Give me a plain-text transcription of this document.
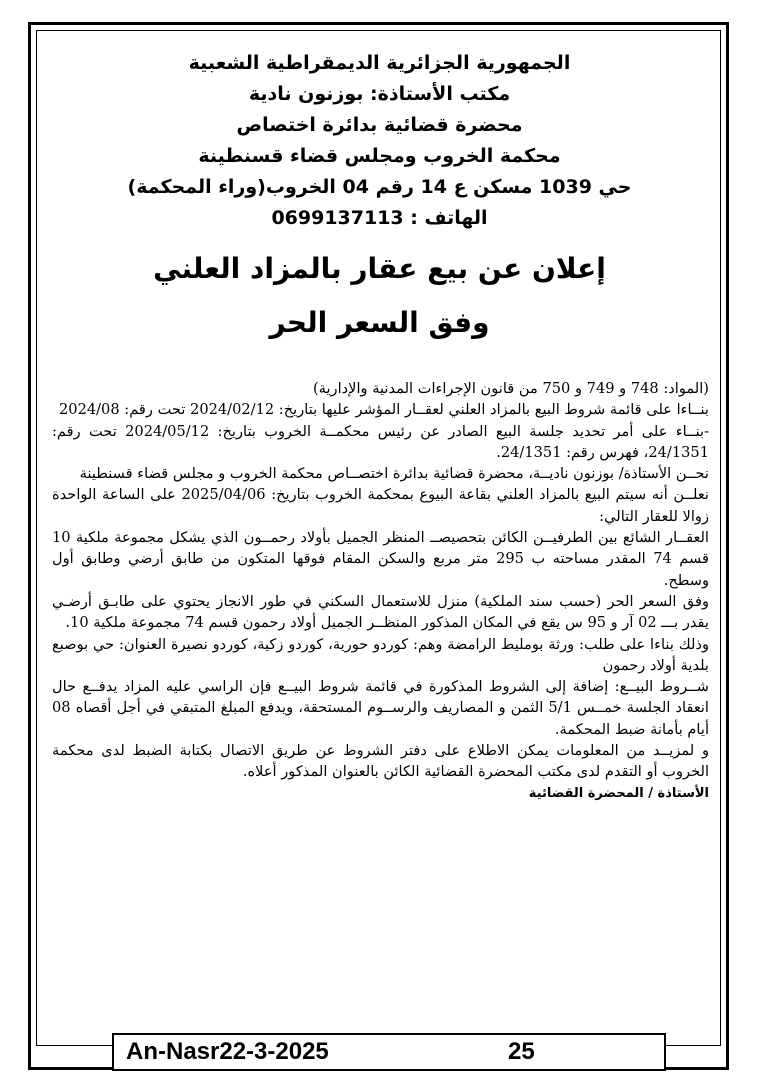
الجمهورية الجزائرية الديمقراطية الشعبية
مكتب الأستاذة: بوزنون نادية
محضرة قضائية بدائرة اختصاص
محكمة الخروب ومجلس قضاء قسنطينة
حي 1039 مسكن ع 14 رقم 04 الخروب(وراء المحكمة)
الهاتف : 0699137113
إعلان عن بيع عقار بالمزاد العلني
وفق السعر الحر

(المواد: 748 و 749 و 750 من قانون الإجراءات المدنية والإدارية)

بنــاءا على قائمة شروط البيع بالمزاد العلني لعقــار المؤشر عليها بتاريخ: 2024/02/12 تحت رقم: 2024/08

-بنــاء على أمر تحديد جلسة البيع الصادر عن رئيس محكمــة الخروب بتاريخ: 2024/05/12 تحت رقم: 24/1351، فهرس رقم: 24/1351.

نحــن الأستاذة/ بوزنون ناديــة، محضرة قضائية بدائرة اختصــاص محكمة الخروب و مجلس قضاء قسنطينة

نعلــن أنه سيتم البيع بالمزاد العلني بقاعة البيوع بمحكمة الخروب بتاريخ: 2025/04/06 على الساعة الواحدة زوالا للعقار التالي:

العقــار الشائع بين الطرفيــن الكائن بتحصيصــ المنظر الجميل بأولاد رحمــون الذي يشكل مجموعة ملكية 10 قسم 74 المقدر مساحته ب 295 متر مربع والسكن المقام فوقها المتكون من طابق أرضي وطابق أول وسطح.

وفق السعر الحر (حسب سند الملكية) منزل للاستعمال السكني في طور الانجاز يحتوي على طابـق أرضـي يقدر بـــ 02 آر و 95 س يقع في المكان المذكور المنظــر الجميل أولاد رحمون قسم 74 مجموعة ملكية 10.

وذلك بناءا على طلب: ورثة بومليط الرامضة وهم: كوردو حورية، كوردو زكية، كوردو نصيرة العنوان: حي بوصبع بلدية أولاد رحمون

شــروط البيــع: إضافة إلى الشروط المذكورة في قائمة شروط البيــع فإن الراسي عليه المزاد يدفــع حال انعقاد الجلسة خمــس 5/1 الثمن و المصاريف والرســوم المستحقة، ويدفع المبلغ المتبقي في أجل أقصاه 08 أيام بأمانة ضبط المحكمة.

و لمزيــد من المعلومات يمكن الاطلاع على دفتر الشروط عن طريق الاتصال بكتابة الضبط لدى محكمة الخروب أو التقدم لدى مكتب المحضرة القضائية الكائن بالعنوان المذكور أعلاه.

الأستاذة / المحضرة القضائية

An-Nasr22-3-2025	25
